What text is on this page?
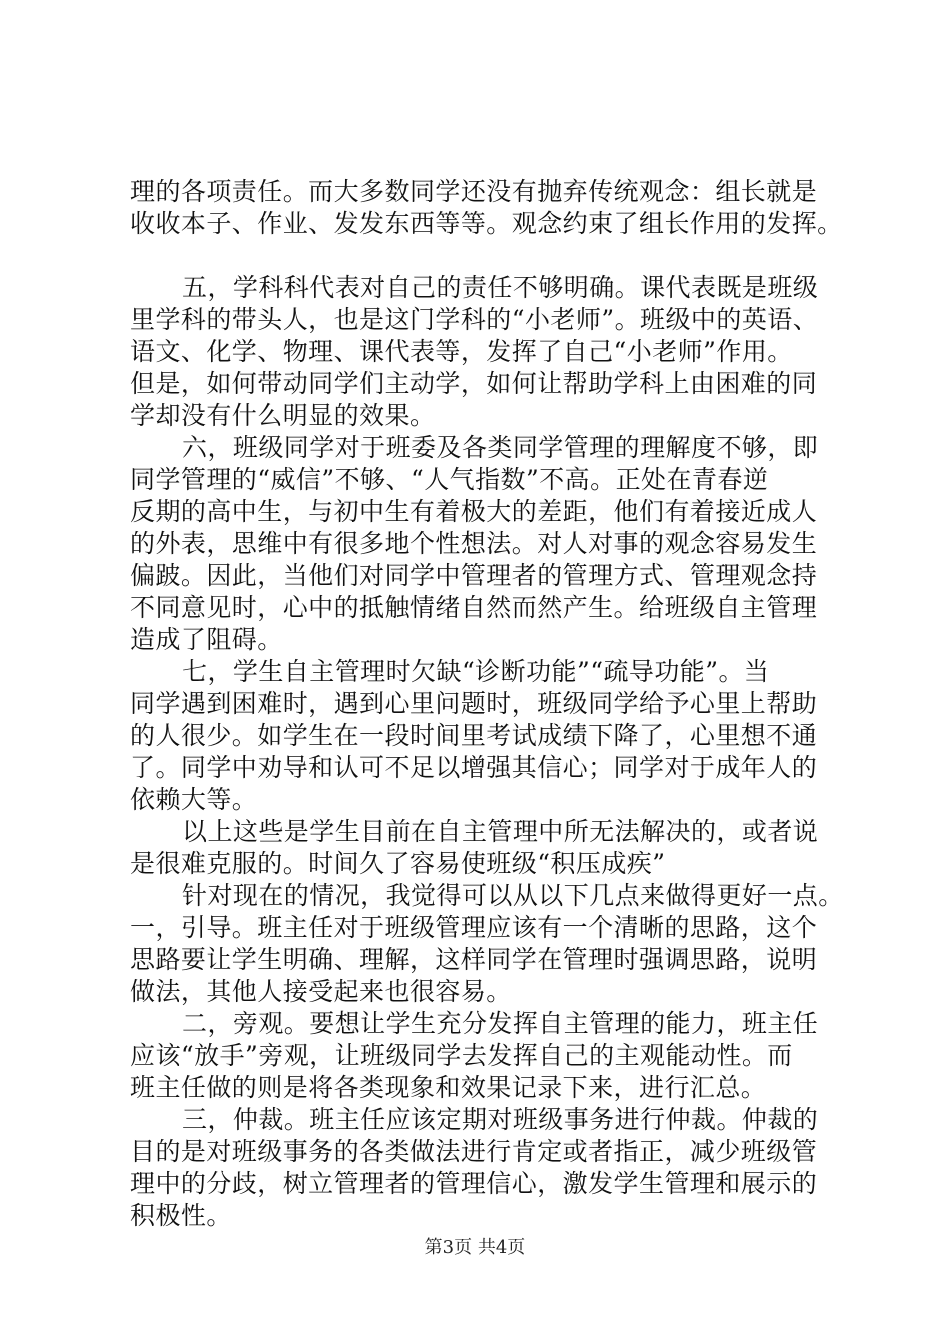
理的各项责任。而大多数同学还没有抛弃传统观念：组长就是
收收本子、作业、发发东西等等。观念约束了组长作用的发挥。
五，学科科代表对自己的责任不够明确。课代表既是班级
里学科的带头人，也是这门学科的“小老师”。班级中的英语、
语文、化学、物理、课代表等，发挥了自己“小老师”作用。
但是，如何带动同学们主动学，如何让帮助学科上由困难的同
学却没有什么明显的效果。
六，班级同学对于班委及各类同学管理的理解度不够，即
同学管理的“威信”不够、“人气指数”不高。正处在青春逆
反期的高中生，与初中生有着极大的差距，他们有着接近成人
的外表，思维中有很多地个性想法。对人对事的观念容易发生
偏跛。因此，当他们对同学中管理者的管理方式、管理观念持
不同意见时，心中的抵触情绪自然而然产生。给班级自主管理
造成了阻碍。
七，学生自主管理时欠缺“诊断功能”“疏导功能”。当
同学遇到困难时，遇到心里问题时，班级同学给予心里上帮助
的人很少。如学生在一段时间里考试成绩下降了，心里想不通
了。同学中劝导和认可不足以增强其信心；同学对于成年人的
依赖大等。
以上这些是学生目前在自主管理中所无法解决的，或者说
是很难克服的。时间久了容易使班级“积压成疾”
针对现在的情况，我觉得可以从以下几点来做得更好一点。
一，引导。班主任对于班级管理应该有一个清晰的思路，这个
思路要让学生明确、理解，这样同学在管理时强调思路，说明
做法，其他人接受起来也很容易。
二，旁观。要想让学生充分发挥自主管理的能力，班主任
应该“放手”旁观，让班级同学去发挥自己的主观能动性。而
班主任做的则是将各类现象和效果记录下来，进行汇总。
三，仲裁。班主任应该定期对班级事务进行仲裁。仲裁的
目的是对班级事务的各类做法进行肯定或者指正，减少班级管
理中的分歧，树立管理者的管理信心，激发学生管理和展示的
积极性。
第3页 共4页
